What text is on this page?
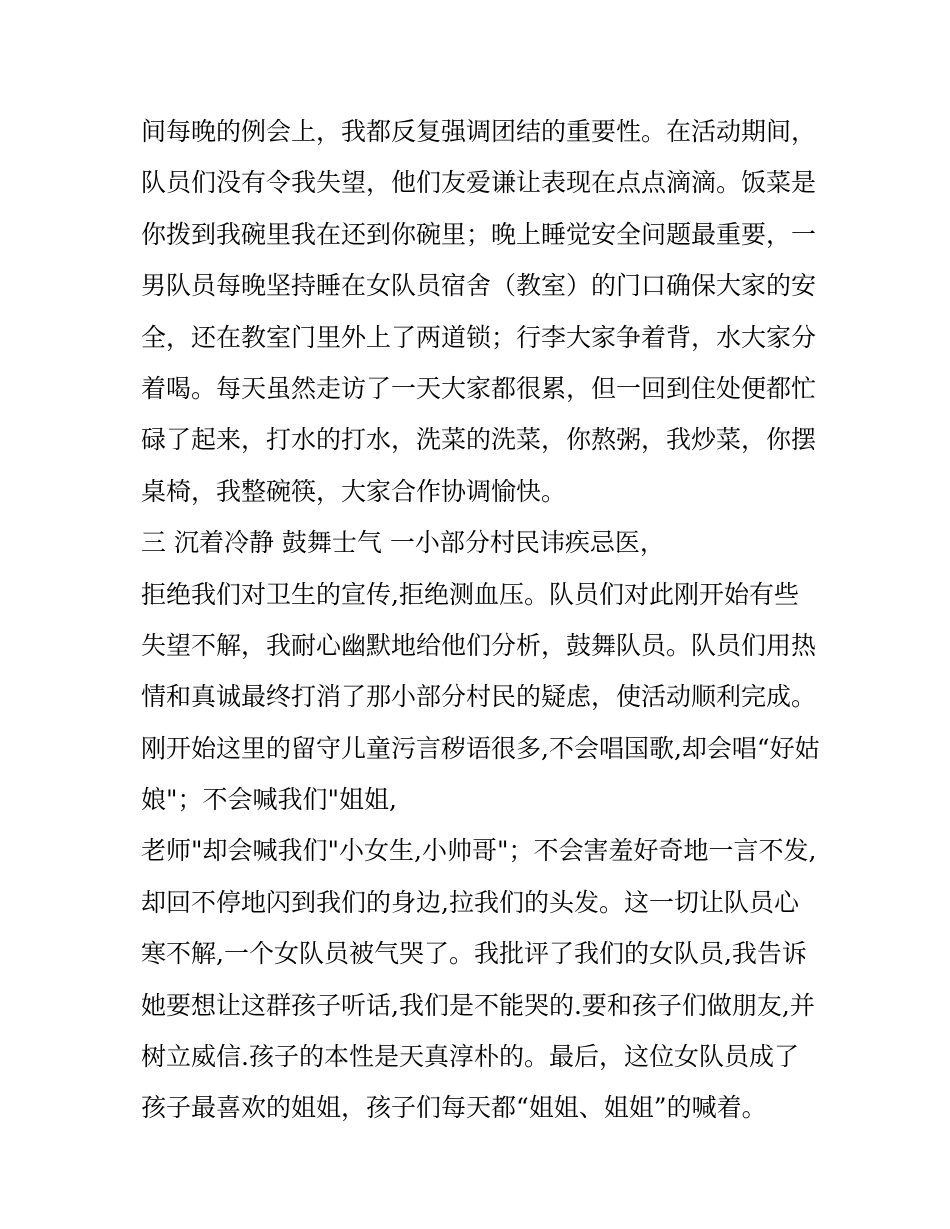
间每晚的例会上，我都反复强调团结的重要性。在活动期间，
队员们没有令我失望，他们友爱谦让表现在点点滴滴。饭菜是
你拨到我碗里我在还到你碗里；晚上睡觉安全问题最重要，一
男队员每晚坚持睡在女队员宿舍（教室）的门口确保大家的安
全，还在教室门里外上了两道锁；行李大家争着背，水大家分
着喝。每天虽然走访了一天大家都很累，但一回到住处便都忙
碌了起来，打水的打水，洗菜的洗菜，你熬粥，我炒菜，你摆
桌椅，我整碗筷，大家合作协调愉快。
三 沉着冷静 鼓舞士气 一小部分村民讳疾忌医，
拒绝我们对卫生的宣传,拒绝测血压。队员们对此刚开始有些
失望不解，我耐心幽默地给他们分析，鼓舞队员。队员们用热
情和真诚最终打消了那小部分村民的疑虑，使活动顺利完成。
刚开始这里的留守儿童污言秽语很多,不会唱国歌,却会唱“好姑
娘"；不会喊我们"姐姐,
老师"却会喊我们"小女生,小帅哥"；不会害羞好奇地一言不发,
却回不停地闪到我们的身边,拉我们的头发。这一切让队员心
寒不解,一个女队员被气哭了。我批评了我们的女队员,我告诉
她要想让这群孩子听话,我们是不能哭的.要和孩子们做朋友,并
树立威信.孩子的本性是天真淳朴的。最后，这位女队员成了
孩子最喜欢的姐姐，孩子们每天都“姐姐、姐姐”的喊着。
